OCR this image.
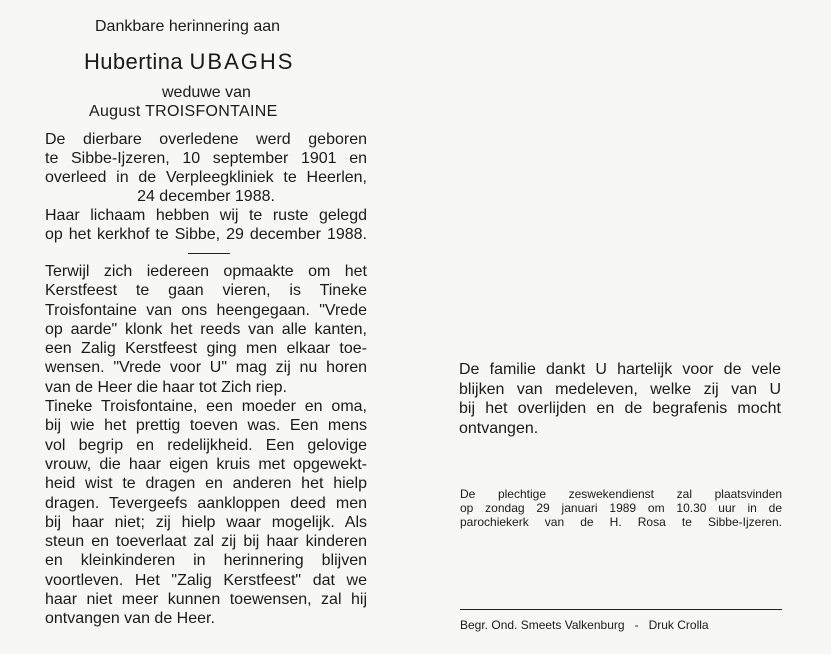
Dankbare herinnering aan
Hubertina UBAGHS
weduwe van
August TROISFONTAINE
De dierbare overledene werd geboren
te Sibbe-Ijzeren, 10 september 1901 en
overleed in de Verpleegkliniek te Heerlen,
24 december 1988.
Haar lichaam hebben wij te ruste gelegd
op het kerkhof te Sibbe, 29 december 1988.
Terwijl zich iedereen opmaakte om het
Kerstfeest te gaan vieren, is Tineke
Troisfontaine van ons heengegaan. "Vrede
op aarde" klonk het reeds van alle kanten,
een Zalig Kerstfeest ging men elkaar toe-
wensen. "Vrede voor U" mag zij nu horen
van de Heer die haar tot Zich riep.
Tineke Troisfontaine, een moeder en oma,
bij wie het prettig toeven was. Een mens
vol begrip en redelijkheid. Een gelovige
vrouw, die haar eigen kruis met opgewekt-
heid wist te dragen en anderen het hielp
dragen. Tevergeefs aankloppen deed men
bij haar niet; zij hielp waar mogelijk. Als
steun en toeverlaat zal zij bij haar kinderen
en kleinkinderen in herinnering blijven
voortleven. Het "Zalig Kerstfeest" dat we
haar niet meer kunnen toewensen, zal hij
ontvangen van de Heer.
De familie dankt U hartelijk voor de vele
blijken van medeleven, welke zij van U
bij het overlijden en de begrafenis mocht
ontvangen.
De plechtige zeswekendienst zal plaatsvinden
op zondag 29 januari 1989 om 10.30 uur in de
parochiekerk van de H. Rosa te Sibbe-Ijzeren.
Begr. Ond. Smeets Valkenburg - Druk Crolla
